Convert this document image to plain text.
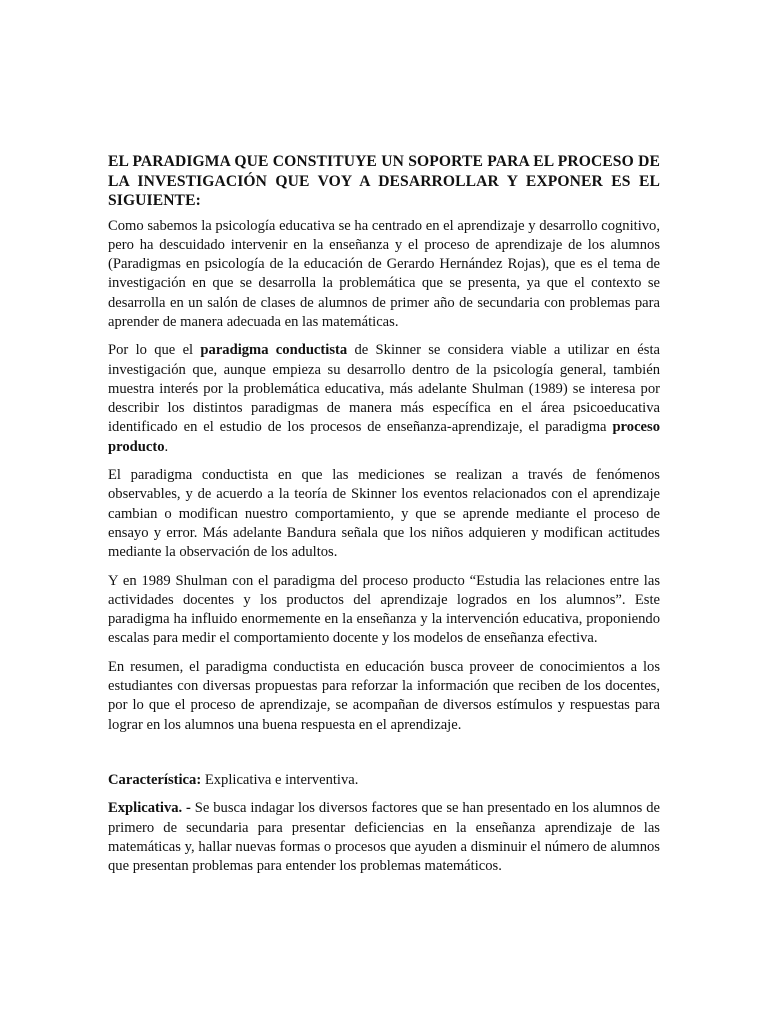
EL PARADIGMA QUE CONSTITUYE UN SOPORTE PARA EL PROCESO DE LA INVESTIGACIÓN QUE VOY A DESARROLLAR Y EXPONER ES EL SIGUIENTE:

Como sabemos la psicología educativa se ha centrado en el aprendizaje y desarrollo cognitivo, pero ha descuidado intervenir en la enseñanza y el proceso de aprendizaje de los alumnos (Paradigmas en psicología de la educación de Gerardo Hernández Rojas), que es el tema de investigación en que se desarrolla la problemática que se presenta, ya que el contexto se desarrolla en un salón de clases de alumnos de primer año de secundaria con problemas para aprender de manera adecuada en las matemáticas.

Por lo que el paradigma conductista de Skinner se considera viable a utilizar en ésta investigación que, aunque empieza su desarrollo dentro de la psicología general, también muestra interés por la problemática educativa, más adelante Shulman (1989) se interesa por describir los distintos paradigmas de manera más específica en el área psicoeducativa identificado en el estudio de los procesos de enseñanza-aprendizaje, el paradigma proceso producto.

El paradigma conductista en que las mediciones se realizan a través de fenómenos observables, y de acuerdo a la teoría de Skinner los eventos relacionados con el aprendizaje cambian o modifican nuestro comportamiento, y que se aprende mediante el proceso de ensayo y error. Más adelante Bandura señala que los niños adquieren y modifican actitudes mediante la observación de los adultos.

Y en 1989 Shulman con el paradigma del proceso producto “Estudia las relaciones entre las actividades docentes y los productos del aprendizaje logrados en los alumnos”. Este paradigma ha influido enormemente en la enseñanza y la intervención educativa, proponiendo escalas para medir el comportamiento docente y los modelos de enseñanza efectiva.

En resumen, el paradigma conductista en educación busca proveer de conocimientos a los estudiantes con diversas propuestas para reforzar la información que reciben de los docentes, por lo que el proceso de aprendizaje, se acompañan de diversos estímulos y respuestas para lograr en los alumnos una buena respuesta en el aprendizaje.

Característica: Explicativa e interventiva.

Explicativa. - Se busca indagar los diversos factores que se han presentado en los alumnos de primero de secundaria para presentar deficiencias en la enseñanza aprendizaje de las matemáticas y, hallar nuevas formas o procesos que ayuden a disminuir el número de alumnos que presentan problemas para entender los problemas matemáticos.
